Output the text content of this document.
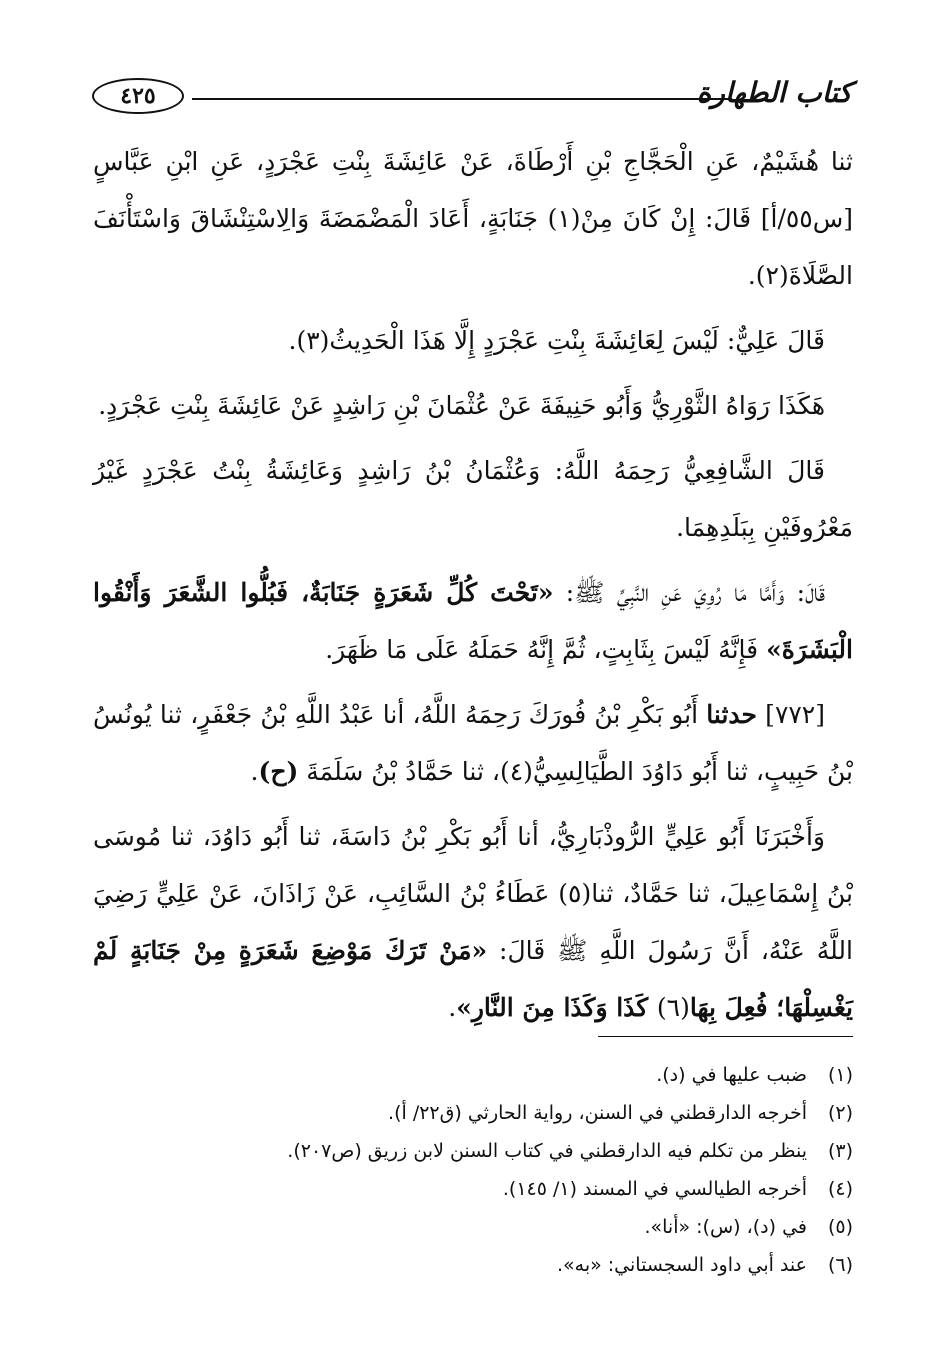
كتاب الطهارة
٤٢٥

ثنا هُشَيْمٌ، عَنِ الْحَجَّاجِ بْنِ أَرْطَاةَ، عَنْ عَائِشَةَ بِنْتِ عَجْرَدٍ، عَنِ ابْنِ عَبَّاسٍ [س٥٥/أ] قَالَ: إِنْ كَانَ مِنْ(١) جَنَابَةٍ، أَعَادَ الْمَضْمَضَةَ وَالِاسْتِنْشَاقَ وَاسْتَأْنَفَ الصَّلَاةَ(٢).

قَالَ عَلِيٌّ: لَيْسَ لِعَائِشَةَ بِنْتِ عَجْرَدٍ إِلَّا هَذَا الْحَدِيثُ(٣).

هَكَذَا رَوَاهُ الثَّوْرِيُّ وَأَبُو حَنِيفَةَ عَنْ عُثْمَانَ بْنِ رَاشِدٍ عَنْ عَائِشَةَ بِنْتِ عَجْرَدٍ.

قَالَ الشَّافِعِيُّ رَحِمَهُ اللَّهُ: وَعُثْمَانُ بْنُ رَاشِدٍ وَعَائِشَةُ بِنْتُ عَجْرَدٍ غَيْرُ مَعْرُوفَيْنِ بِبَلَدِهِمَا.

قَالَ: وَأَمَّا مَا رُوِيَ عَنِ النَّبِيِّ ﷺ: «تَحْتَ كُلِّ شَعَرَةٍ جَنَابَةٌ، فَبُلُّوا الشَّعَرَ وَأَنْقُوا الْبَشَرَةَ» فَإِنَّهُ لَيْسَ بِثَابِتٍ، ثُمَّ إِنَّهُ حَمَلَهُ عَلَى مَا ظَهَرَ.

[٧٧٢] حدثنا أَبُو بَكْرِ بْنُ فُورَكَ رَحِمَهُ اللَّهُ، أنا عَبْدُ اللَّهِ بْنُ جَعْفَرٍ، ثنا يُونُسُ بْنُ حَبِيبٍ، ثنا أَبُو دَاوُدَ الطَّيَالِسِيُّ(٤)، ثنا حَمَّادُ بْنُ سَلَمَةَ (ح).

وَأَخْبَرَنَا أَبُو عَلِيٍّ الرُّوذْبَارِيُّ، أنا أَبُو بَكْرِ بْنُ دَاسَةَ، ثنا أَبُو دَاوُدَ، ثنا مُوسَى بْنُ إِسْمَاعِيلَ، ثنا حَمَّادٌ، ثنا(٥) عَطَاءُ بْنُ السَّائِبِ، عَنْ زَاذَانَ، عَنْ عَلِيٍّ رَضِيَ اللَّهُ عَنْهُ، أَنَّ رَسُولَ اللَّهِ ﷺ قَالَ: «مَنْ تَرَكَ مَوْضِعَ شَعَرَةٍ مِنْ جَنَابَةٍ لَمْ يَغْسِلْهَا؛ فُعِلَ بِهَا(٦) كَذَا وَكَذَا مِنَ النَّارِ».

(١)
ضبب عليها في (د).
(٢)
أخرجه الدارقطني في السنن، رواية الحارثي (ق٢٢/ أ).
(٣)
ينظر من تكلم فيه الدارقطني في كتاب السنن لابن زريق (ص٢٠٧).
(٤)
أخرجه الطيالسي في المسند (١/ ١٤٥).
(٥)
في (د)، (س): «أنا».
(٦)
عند أبي داود السجستاني: «به».
